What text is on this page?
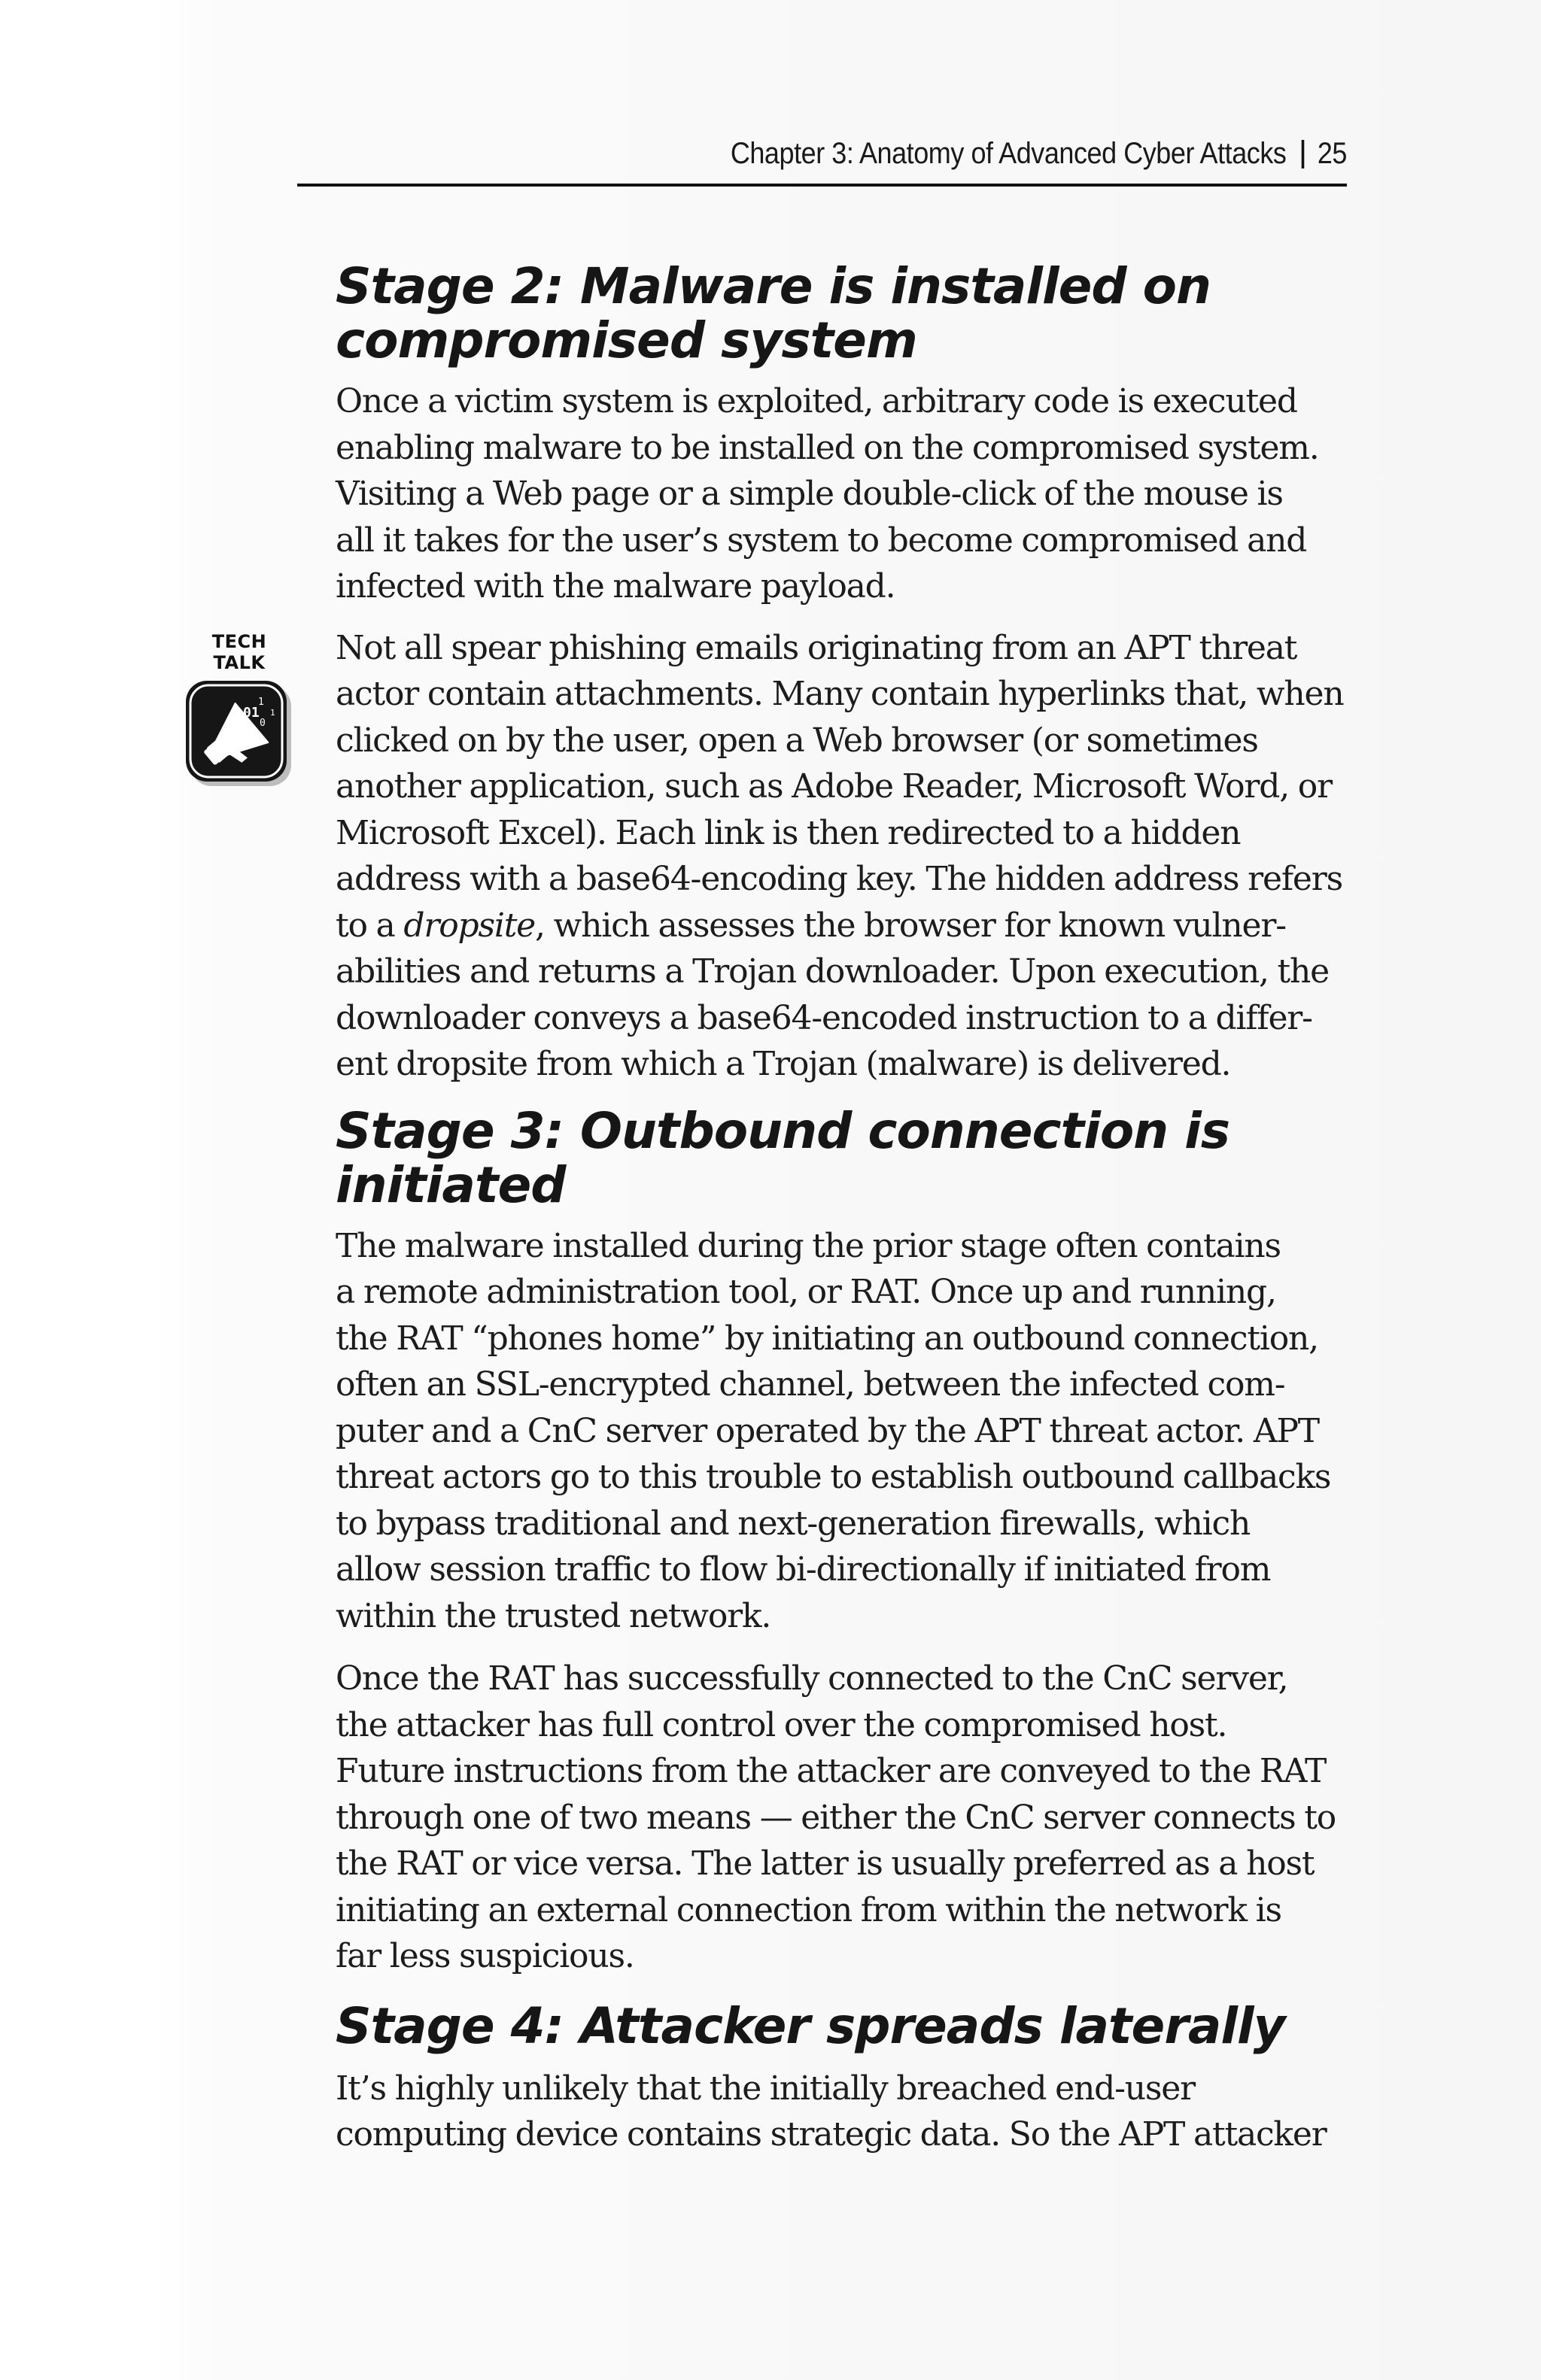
Chapter 3: Anatomy of Advanced Cyber Attacks 25
Stage 2: Malware is installed on
compromised system

Once a victim system is exploited, arbitrary code is executed
enabling malware to be installed on the compromised system.
Visiting a Web page or a simple double-click of the mouse is
all it takes for the user’s system to become compromised and
infected with the malware payload.

TECH TALK
01
1
0
1

Not all spear phishing emails originating from an APT threat
actor contain attachments. Many contain hyperlinks that, when
clicked on by the user, open a Web browser (or sometimes
another application, such as Adobe Reader, Microsoft Word, or
Microsoft Excel). Each link is then redirected to a hidden
address with a base64-encoding key. The hidden address refers
to a dropsite, which assesses the browser for known vulner-
abilities and returns a Trojan downloader. Upon execution, the
downloader conveys a base64-encoded instruction to a differ-
ent dropsite from which a Trojan (malware) is delivered.

Stage 3: Outbound connection is
initiated

The malware installed during the prior stage often contains
a remote administration tool, or RAT. Once up and running,
the RAT “phones home” by initiating an outbound connection,
often an SSL-encrypted channel, between the infected com-
puter and a CnC server operated by the APT threat actor. APT
threat actors go to this trouble to establish outbound callbacks
to bypass traditional and next-generation firewalls, which
allow session traffic to flow bi-directionally if initiated from
within the trusted network.

Once the RAT has successfully connected to the CnC server,
the attacker has full control over the compromised host.
Future instructions from the attacker are conveyed to the RAT
through one of two means — either the CnC server connects to
the RAT or vice versa. The latter is usually preferred as a host
initiating an external connection from within the network is
far less suspicious.

Stage 4: Attacker spreads laterally

It’s highly unlikely that the initially breached end-user
computing device contains strategic data. So the APT attacker
